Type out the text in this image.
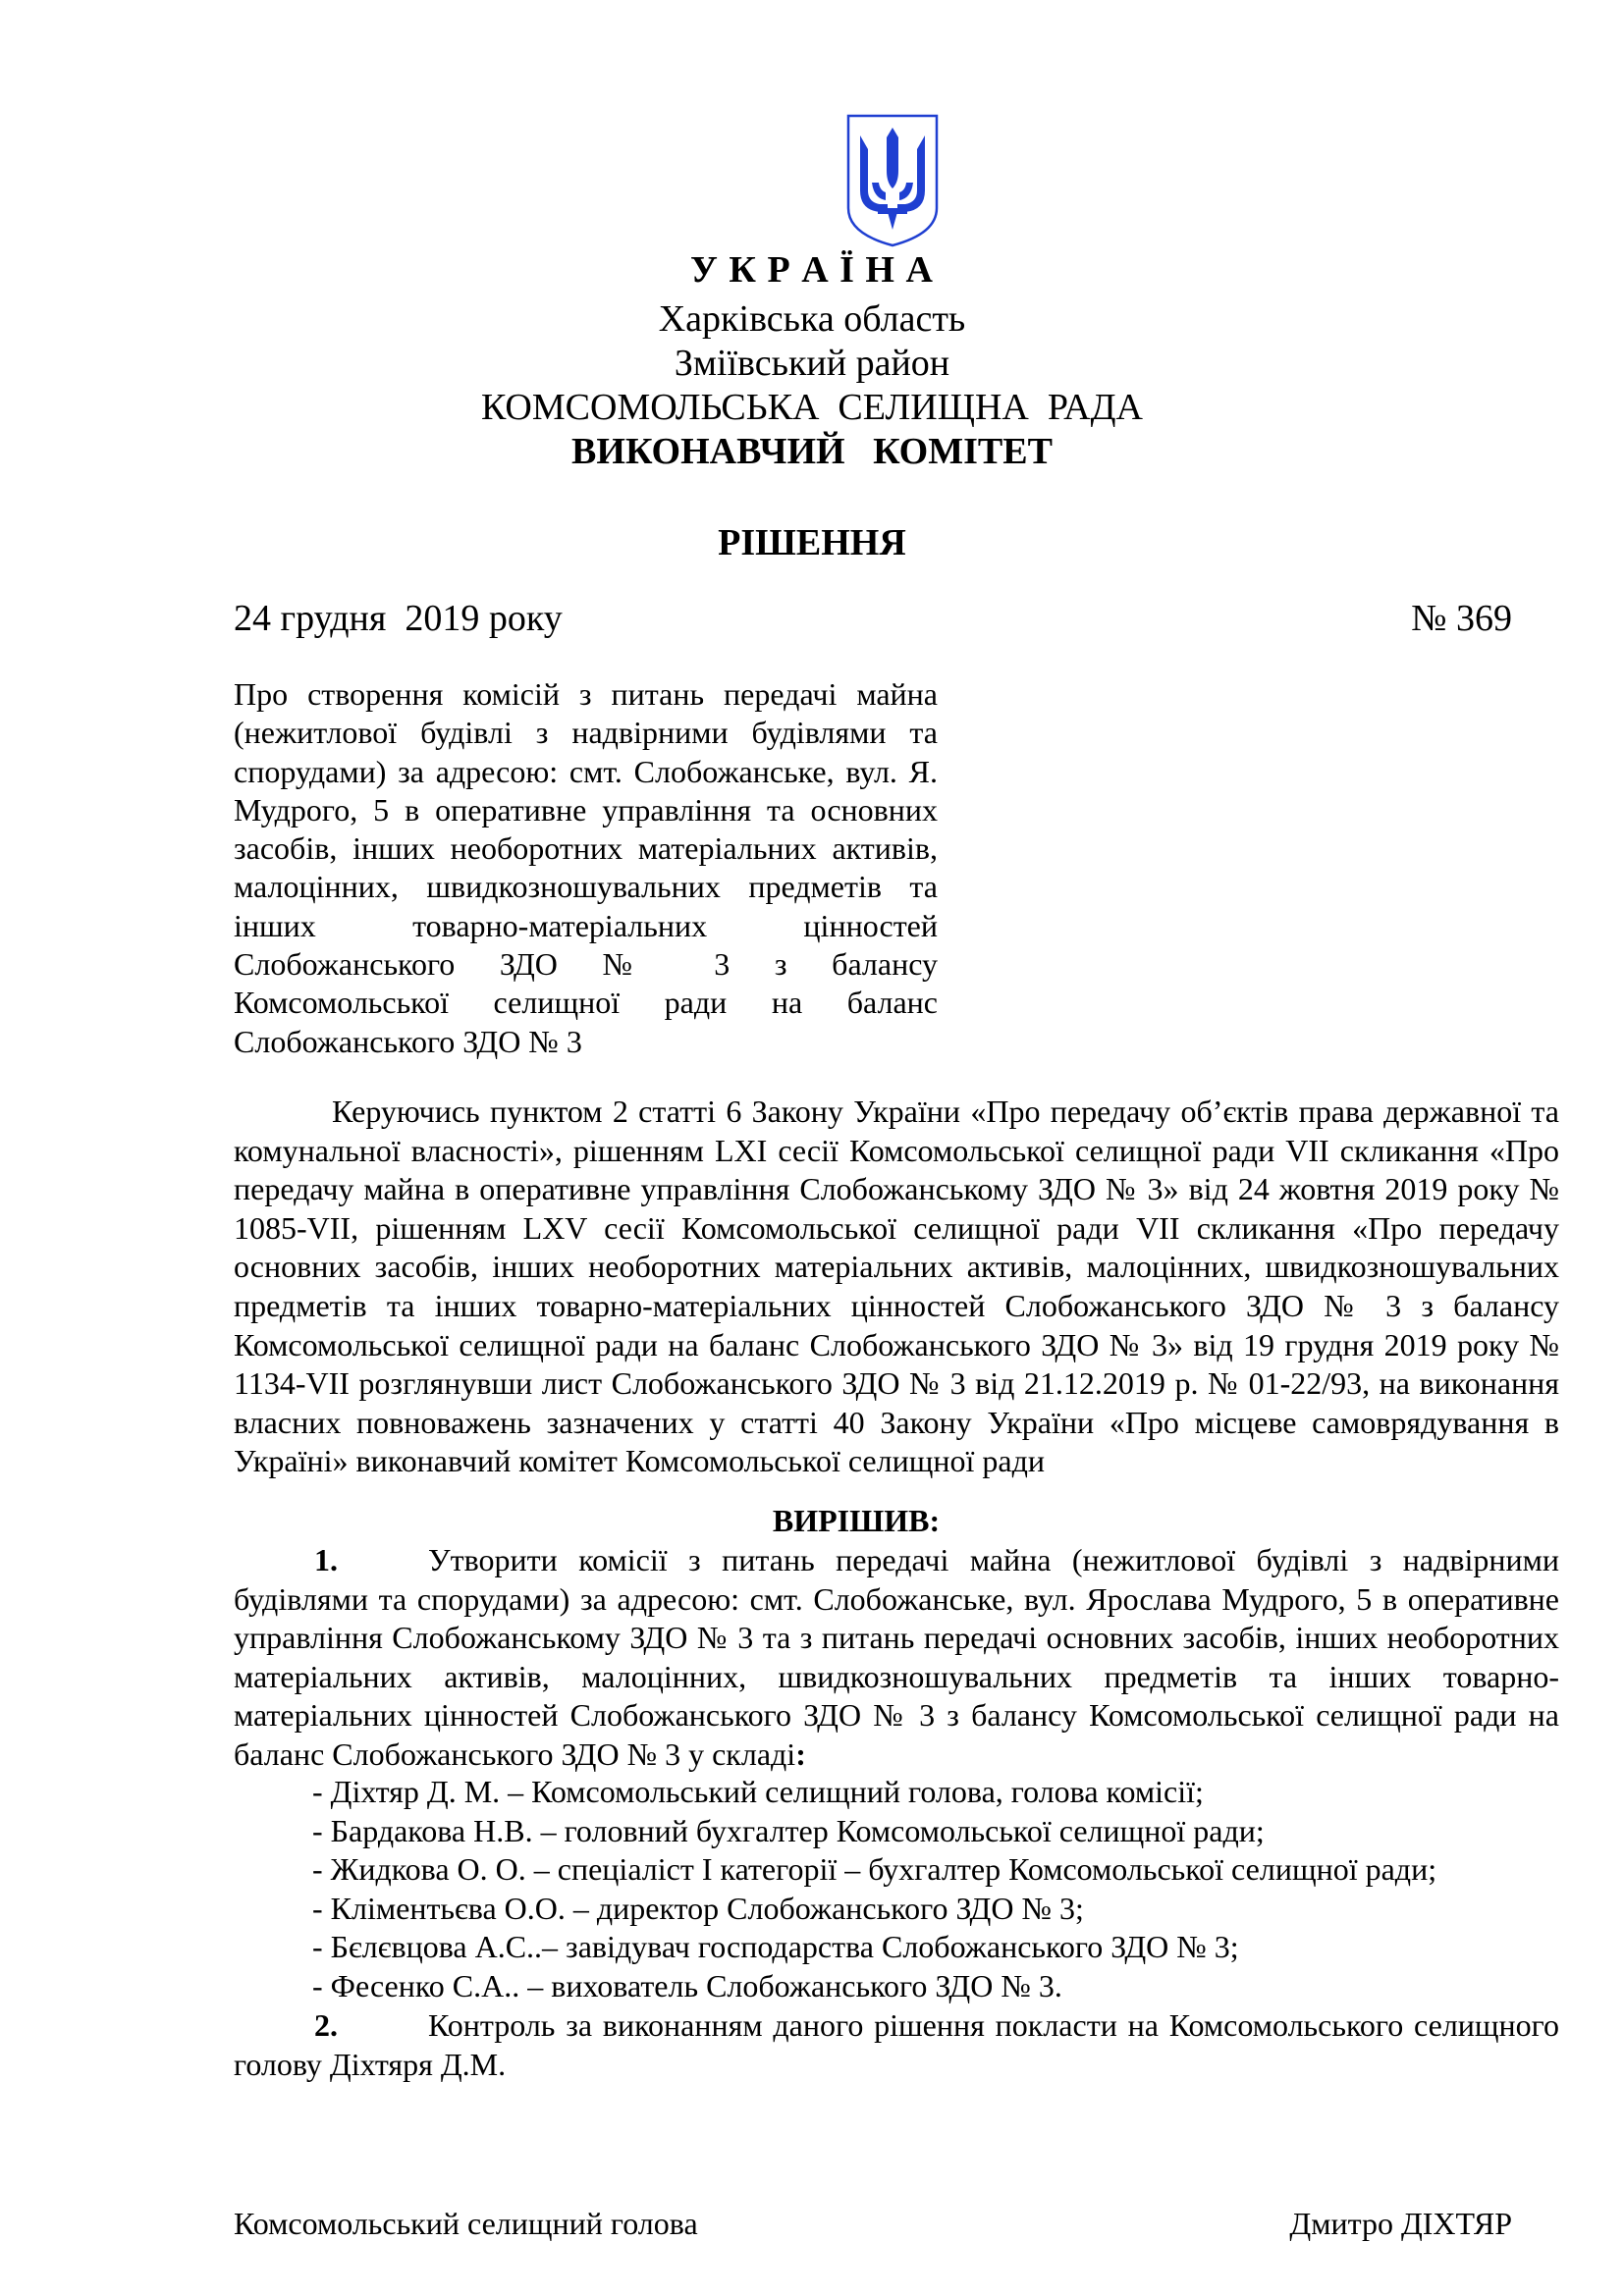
У К Р А Ї Н А
Харківська область
Зміївський район
КОМСОМОЛЬСЬКА  СЕЛИЩНА  РАДА
ВИКОНАВЧИЙ   КОМІТЕТ
РІШЕННЯ
24 грудня  2019 року	№ 369
Про створення комісій з питань передачі майна (нежитлової будівлі з надвірними будівлями та спорудами) за адресою: смт. Слобожанське, вул. Я. Мудрого, 5 в оперативне управління та основних засобів, інших необоротних матеріальних активів, малоцінних, швидкозношувальних предметів та інших товарно-матеріальних цінностей Слобожанського ЗДО № 3 з балансу Комсомольської селищної ради на баланс Слобожанського ЗДО № 3
Керуючись пунктом 2 статті 6 Закону України «Про передачу об’єктів права державної та комунальної власності», рішенням LXI сесії Комсомольської селищної ради VII скликання «Про передачу майна в оперативне управління Слобожанському ЗДО № 3» від 24 жовтня 2019 року № 1085-VII, рішенням LXV сесії Комсомольської селищної ради VII скликання «Про передачу основних засобів, інших необоротних матеріальних активів, малоцінних, швидкозношувальних предметів та інших товарно-матеріальних цінностей Слобожанського ЗДО № 3 з балансу Комсомольської селищної ради на баланс Слобожанського ЗДО № 3» від 19 грудня 2019 року № 1134-VII розглянувши лист Слобожанського ЗДО № 3 від 21.12.2019 р. № 01-22/93, на виконання власних повноважень зазначених у статті 40 Закону України «Про місцеве самоврядування в Україні» виконавчий комітет Комсомольської селищної ради
ВИРІШИВ:
1.	Утворити комісії з питань передачі майна (нежитлової будівлі з надвірними будівлями та спорудами) за адресою: смт. Слобожанське, вул. Ярослава Мудрого, 5 в оперативне управління Слобожанському ЗДО № 3 та з питань передачі основних засобів, інших необоротних матеріальних активів, малоцінних, швидкозношувальних предметів та інших товарно-матеріальних цінностей Слобожанського ЗДО № 3 з балансу Комсомольської селищної ради на баланс Слобожанського ЗДО № 3 у складі:
- Діхтяр Д. М. – Комсомольський селищний голова, голова комісії;
- Бардакова Н.В. – головний бухгалтер Комсомольської селищної ради;
- Жидкова О. О. – спеціаліст І категорії – бухгалтер Комсомольської селищної ради;
- Кліментьєва О.О. – директор Слобожанського ЗДО № 3;
- Бєлєвцова А.С..– завідувач господарства Слобожанського ЗДО № 3;
- Фесенко С.А.. – вихователь Слобожанського ЗДО № 3.
2.	Контроль за виконанням даного рішення покласти на Комсомольського селищного голову Діхтяря Д.М.
Комсомольський селищний голова	Дмитро ДІХТЯР
